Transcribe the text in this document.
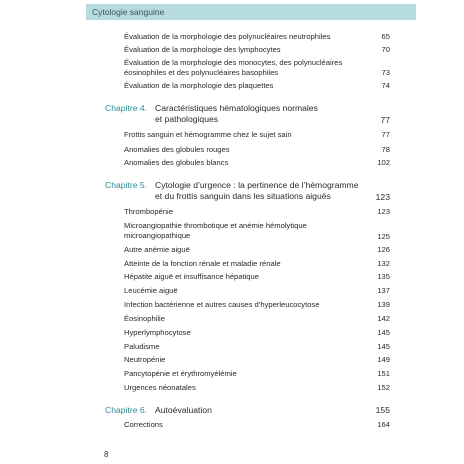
Cytologie sanguine
Évaluation de la morphologie des polynucléaires neutrophiles	65
Évaluation de la morphologie des lymphocytes	70
Évaluation de la morphologie des monocytes, des polynucléaires
éosinophiles et des polynucléaires basophiles	73
Évaluation de la morphologie des plaquettes	74
Chapitre 4. Caractéristiques hématologiques normales
et pathologiques	77
Frottis sanguin et hémogramme chez le sujet sain	77
Anomalies des globules rouges	78
Anomalies des globules blancs	102
Chapitre 5. Cytologie d’urgence : la pertinence de l’hémogramme
et du frottis sanguin dans les situations aiguës	123
Thrombopénie	123
Microangiopathie thrombotique et anémie hémolytique
microangiopathique	125
Autre anémie aiguë	126
Atteinte de la fonction rénale et maladie rénale	132
Hépatite aiguë et insuffisance hépatique	135
Leucémie aiguë	137
Infection bactérienne et autres causes d’hyperleucocytose	139
Éosinophilie	142
Hyperlymphocytose	145
Paludisme	145
Neutropénie	149
Pancytopénie et érythromyélémie	151
Urgences néonatales	152
Chapitre 6. Autoévaluation	155
Corrections	164
8
